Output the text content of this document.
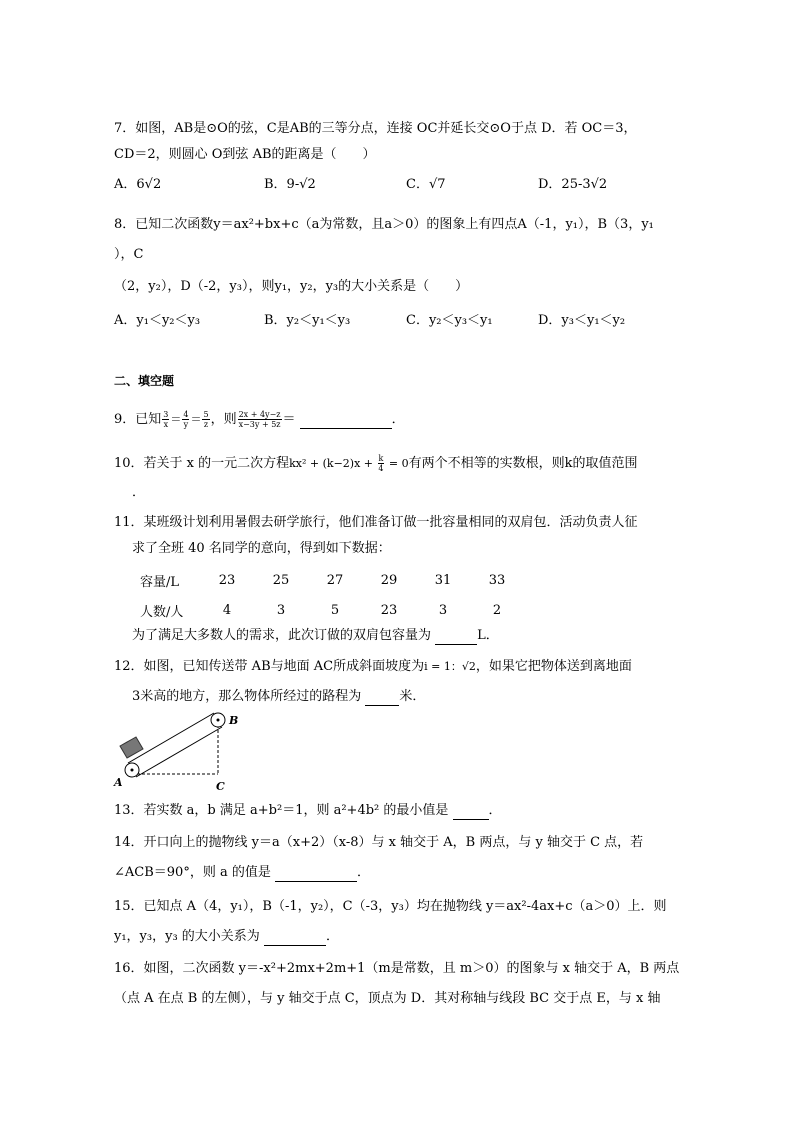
7．如图，AB是⊙O的弦，C是AB的三等分点，连接 OC并延长交⊙O于点 D．若 OC＝3，
CD＝2，则圆心 O到弦 AB的距离是（　　）
A．6√2	B．9-√2	C．√7	D．25-3√2
8．已知二次函数y＝ax²+bx+c（a为常数，且a＞0）的图象上有四点A（-1，y₁），B（3，y₁
），C
（2，y₂），D（-2，y₃），则y₁，y₂，y₃的大小关系是（　　）
A．y₁＜y₂＜y₃	B．y₂＜y₁＜y₃	C．y₂＜y₃＜y₁	D．y₃＜y₁＜y₂
二、填空题
9．已知 $\frac{3}{x} = \frac{4}{y} = \frac{5}{z}$ ，则 $\frac{2x + 4y-z}{x-3y + 5z}$ ＝	．
10．若关于 x 的一元二次方程$kx^2 + (k-2)x + \frac{k}{4} = 0$有两个不相等的实数根，则k的取值范围
．
11．某班级计划利用暑假去研学旅行，他们准备订做一批容量相同的双肩包．活动负责人征
求了全班 40 名同学的意向，得到如下数据：
容量/L	23	25	27	29	31	33
人数/人	4	3	5	23	3	2
为了满足大多数人的需求，此次订做的双肩包容量为	L．
12．如图，已知传送带 AB与地面 AC所成斜面坡度为i = 1：√2，如果它把物体送到离地面
3米高的地方，那么物体所经过的路程为	米．
A
B
C
13．若实数 a，b 满足 a+b²＝1，则 a²+4b² 的最小值是	．
14．开口向上的抛物线 y＝a（x+2）（x-8）与 x 轴交于 A，B 两点，与 y 轴交于 C 点，若
∠ACB＝90°，则 a 的值是	．
15．已知点 A（4，y₁），B（-1，y₂），C（-3，y₃）均在抛物线 y＝ax²-4ax+c（a＞0）上．则
y₁，y₃，y₃ 的大小关系为	．
16．如图，二次函数 y＝-x²+2mx+2m+1（m是常数，且 m＞0）的图象与 x 轴交于 A，B 两点
（点 A 在点 B 的左侧），与 y 轴交于点 C，顶点为 D．其对称轴与线段 BC 交于点 E，与 x 轴
